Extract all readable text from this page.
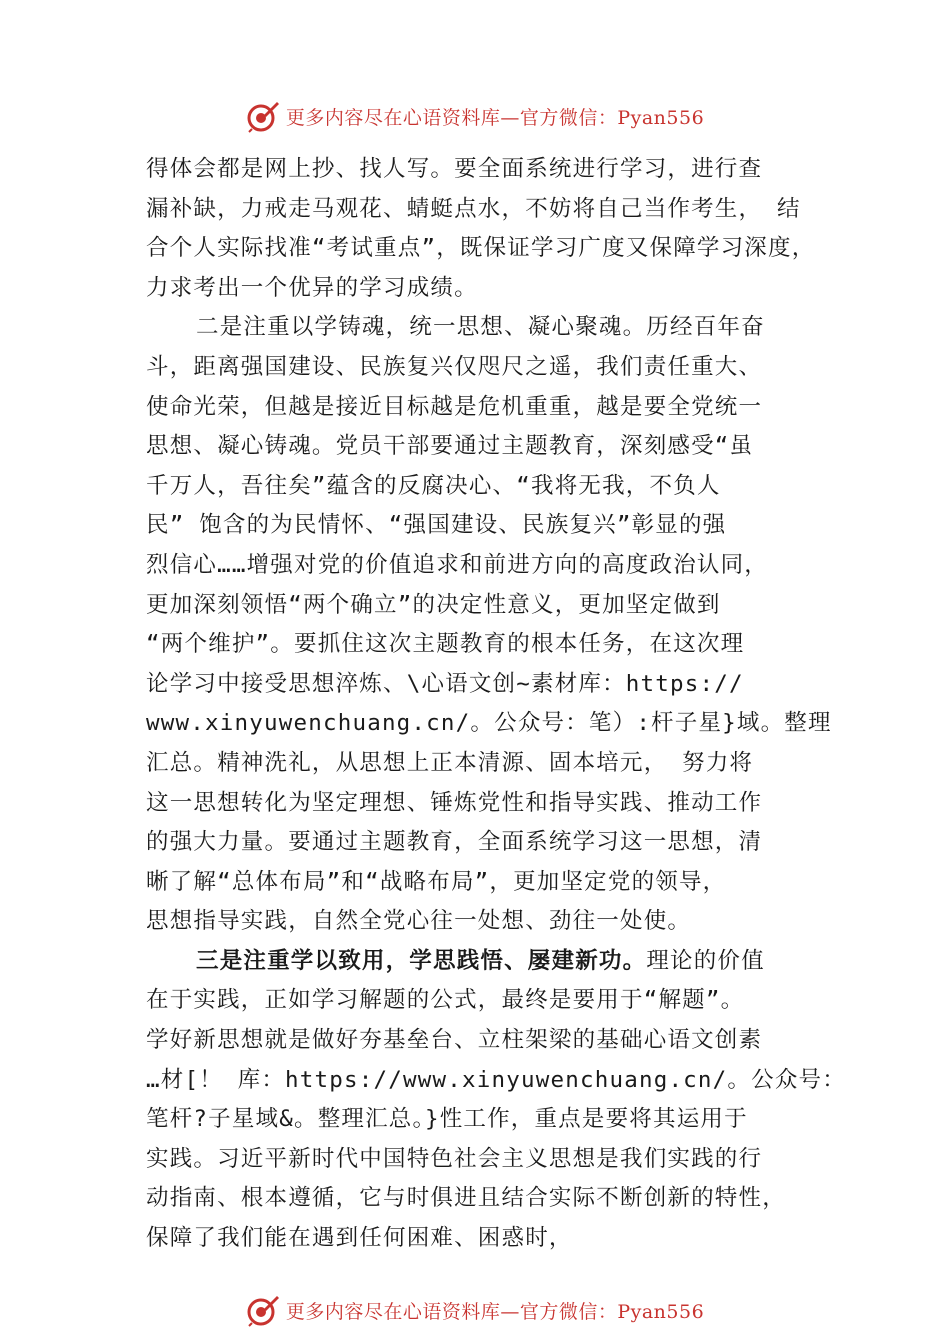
更多内容尽在心语资料库—官方微信：Pyan556
得体会都是网上抄、找人写。要全面系统进行学习，进行查
漏补缺，力戒走马观花、蜻蜓点水，不妨将自己当作考生， 结
合个人实际找准“考试重点”，既保证学习广度又保障学习深度，
力求考出一个优异的学习成绩。
二是注重以学铸魂，统一思想、凝心聚魂。历经百年奋
斗，距离强国建设、民族复兴仅咫尺之遥，我们责任重大、
使命光荣，但越是接近目标越是危机重重，越是要全党统一
思想、凝心铸魂。党员干部要通过主题教育，深刻感受“虽
千万人，吾往矣”蕴含的反腐决心、“我将无我，不负人
民” 饱含的为民情怀、“强国建设、民族复兴”彰显的强
烈信心……增强对党的价值追求和前进方向的高度政治认同，
更加深刻领悟“两个确立”的决定性意义，更加坚定做到
“两个维护”。要抓住这次主题教育的根本任务，在这次理
论学习中接受思想淬炼、\心语文创~素材库：https://
www.xinyuwenchuang.cn/。公众号：笔）:杆子星}域。整理
汇总。精神洗礼，从思想上正本清源、固本培元， 努力将
这一思想转化为坚定理想、锤炼党性和指导实践、推动工作
的强大力量。要通过主题教育，全面系统学习这一思想，清
晰了解“总体布局”和“战略布局”，更加坚定党的领导，
思想指导实践，自然全党心往一处想、劲往一处使。
三是注重学以致用，学思践悟、屡建新功。理论的价值
在于实践，正如学习解题的公式，最终是要用于“解题”。
学好新思想就是做好夯基垒台、立柱架梁的基础心语文创素
…材[！ 库：https://www.xinyuwenchuang.cn/。公众号：
笔杆?子星域&。整理汇总。}性工作，重点是要将其运用于
实践。习近平新时代中国特色社会主义思想是我们实践的行
动指南、根本遵循，它与时俱进且结合实际不断创新的特性，
保障了我们能在遇到任何困难、困惑时，
更多内容尽在心语资料库—官方微信：Pyan556
